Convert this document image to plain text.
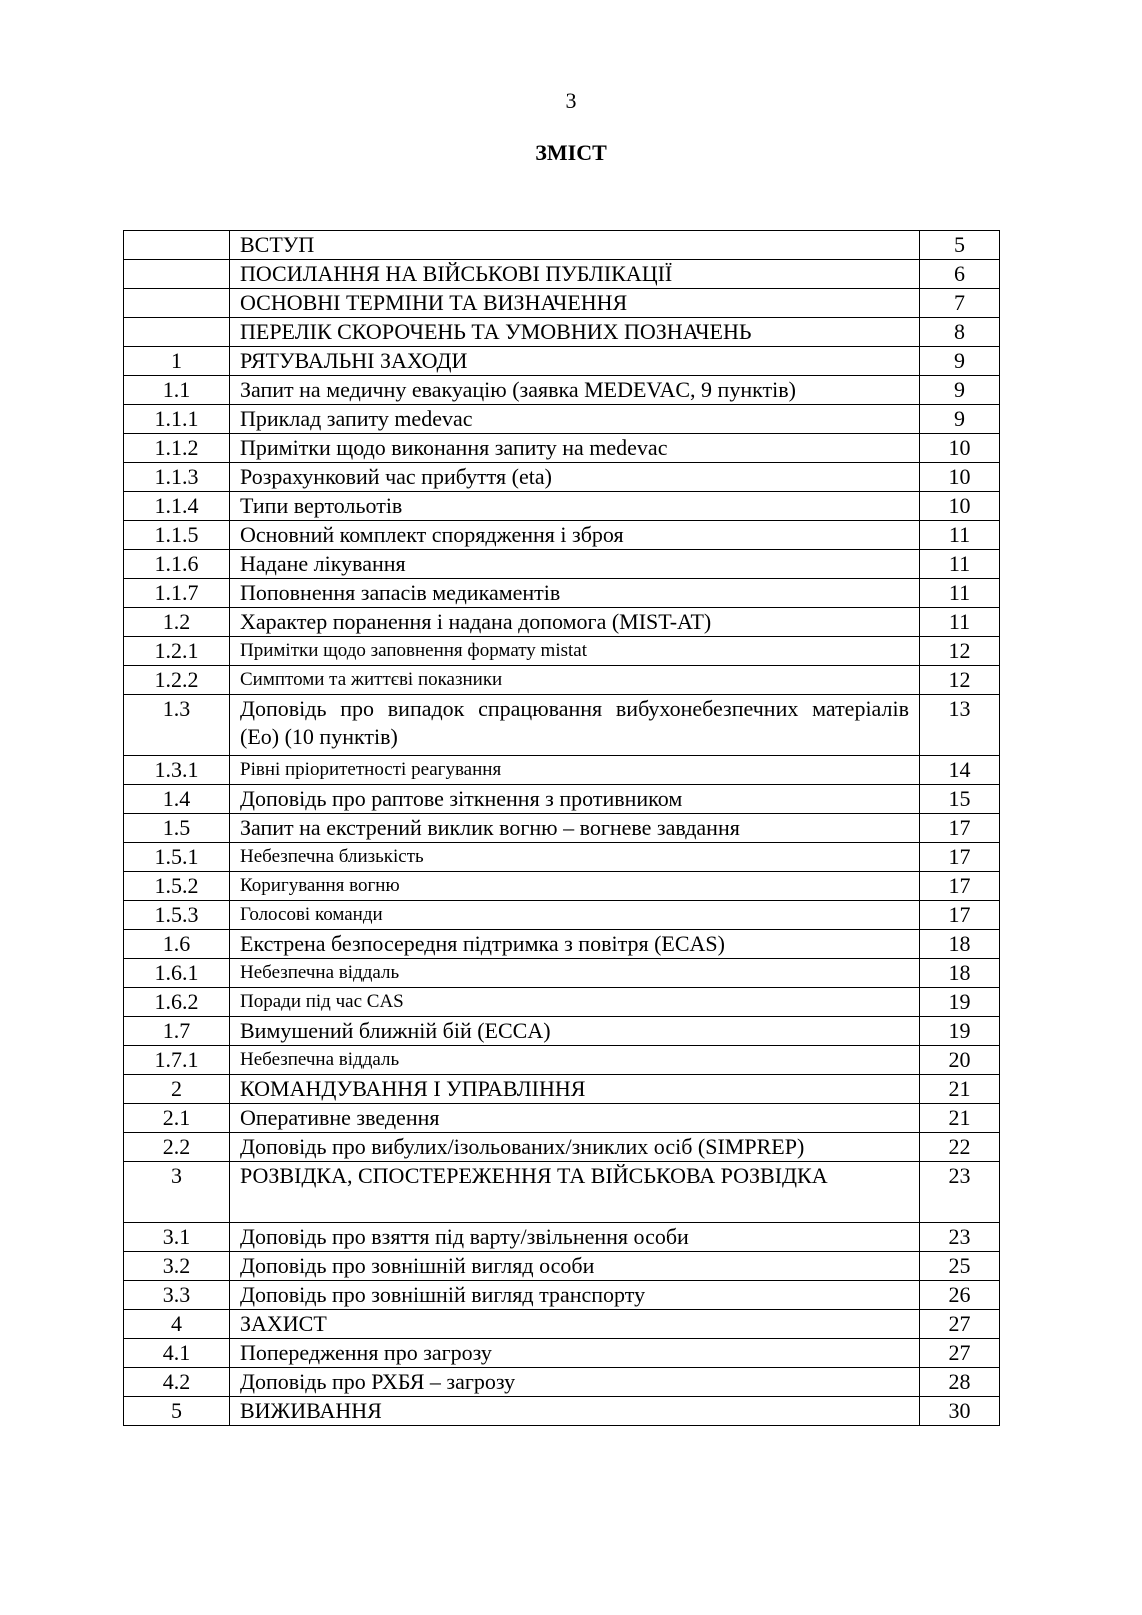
3
ЗМІСТ
	ВСТУП	5
	ПОСИЛАННЯ НА ВІЙСЬКОВІ ПУБЛІКАЦІЇ	6
	ОСНОВНІ ТЕРМІНИ ТА ВИЗНАЧЕННЯ	7
	ПЕРЕЛІК СКОРОЧЕНЬ ТА УМОВНИХ ПОЗНАЧЕНЬ	8
1	РЯТУВАЛЬНІ ЗАХОДИ	9
1.1	Запит на медичну евакуацію (заявка MEDEVAC, 9 пунктів)	9
1.1.1	Приклад запиту medevac	9
1.1.2	Примітки щодо виконання запиту на medevac	10
1.1.3	Розрахунковий час прибуття (eta)	10
1.1.4	Типи вертольотів	10
1.1.5	Основний комплект спорядження і зброя	11
1.1.6	Надане лікування	11
1.1.7	Поповнення запасів медикаментів	11
1.2	Характер поранення і надана допомога (MIST-AT)	11
1.2.1	Примітки щодо заповнення формату mistat	12
1.2.2	Симптоми та життєві показники	12
1.3	Доповідь про випадок спрацювання вибухонебезпечних матеріалів (Eo) (10 пунктів)	13
1.3.1	Рівні пріоритетності реагування	14
1.4	Доповідь про раптове зіткнення з противником	15
1.5	Запит на екстрений виклик вогню – вогневе завдання	17
1.5.1	Небезпечна близькість	17
1.5.2	Коригування вогню	17
1.5.3	Голосові команди	17
1.6	Екстрена безпосередня підтримка з повітря (ECAS)	18
1.6.1	Небезпечна віддаль	18
1.6.2	Поради під час CAS	19
1.7	Вимушений ближній бій (ECCA)	19
1.7.1	Небезпечна віддаль	20
2	КОМАНДУВАННЯ І УПРАВЛІННЯ	21
2.1	Оперативне зведення	21
2.2	Доповідь про вибулих/ізольованих/зниклих осіб (SIMPREP)	22
3	РОЗВІДКА, СПОСТЕРЕЖЕННЯ ТА ВІЙСЬКОВА РОЗВІДКА	23
3.1	Доповідь про взяття під варту/звільнення особи	23
3.2	Доповідь про зовнішній вигляд особи	25
3.3	Доповідь про зовнішній вигляд транспорту	26
4	ЗАХИСТ	27
4.1	Попередження про загрозу	27
4.2	Доповідь про РХБЯ – загрозу	28
5	ВИЖИВАННЯ	30
